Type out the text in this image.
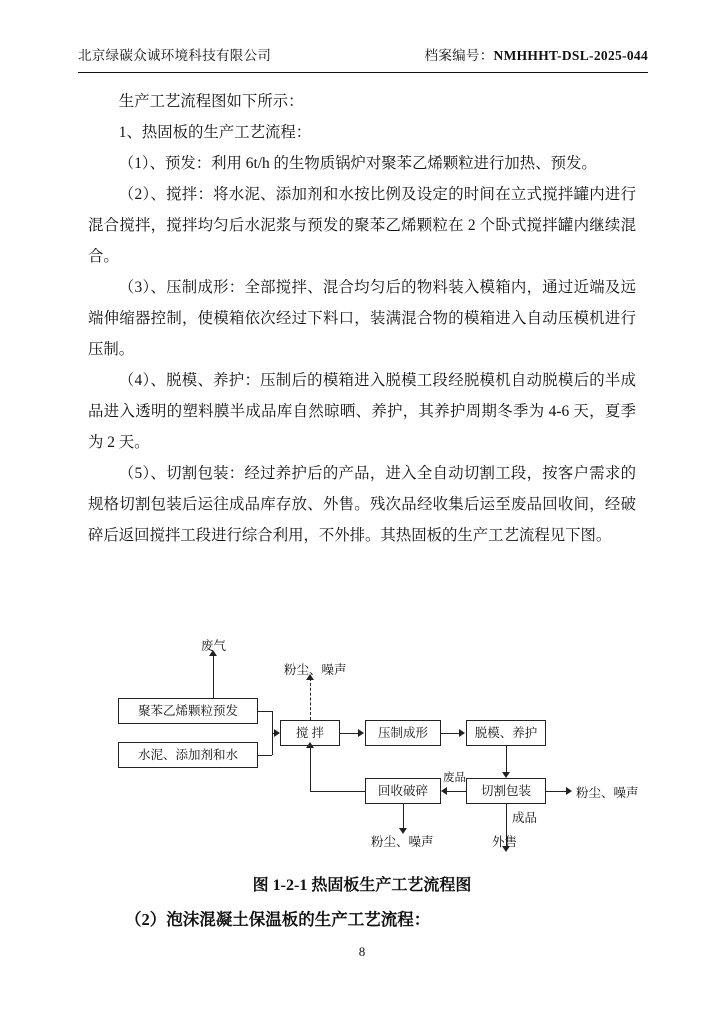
北京绿碳众诚环境科技有限公司	档案编号：NMHHHT-DSL-2025-044

生产工艺流程图如下所示：

1、热固板的生产工艺流程：

（1）、预发：利用 6t/h 的生物质锅炉对聚苯乙烯颗粒进行加热、预发。

（2）、搅拌：将水泥、添加剂和水按比例及设定的时间在立式搅拌罐内进行混合搅拌，搅拌均匀后水泥浆与预发的聚苯乙烯颗粒在 2 个卧式搅拌罐内继续混合。

（3）、压制成形：全部搅拌、混合均匀后的物料装入模箱内，通过近端及远端伸缩器控制，使模箱依次经过下料口，装满混合物的模箱进入自动压模机进行压制。

（4）、脱模、养护：压制后的模箱进入脱模工段经脱模机自动脱模后的半成品进入透明的塑料膜半成品库自然晾晒、养护，其养护周期冬季为 4-6 天，夏季为 2 天。

（5）、切割包装：经过养护后的产品，进入全自动切割工段，按客户需求的规格切割包装后运往成品库存放、外售。残次品经收集后运至废品回收间，经破碎后返回搅拌工段进行综合利用，不外排。其热固板的生产工艺流程见下图。

废气
粉尘、噪声
聚苯乙烯颗粒预发
水泥、添加剂和水
搅 拌	压制成形	脱模、养护
切割包装
回收破碎
废品
粉尘、噪声
粉尘、噪声
成品
外售
图 1-2-1 热固板生产工艺流程图
（2）泡沫混凝土保温板的生产工艺流程：
8
